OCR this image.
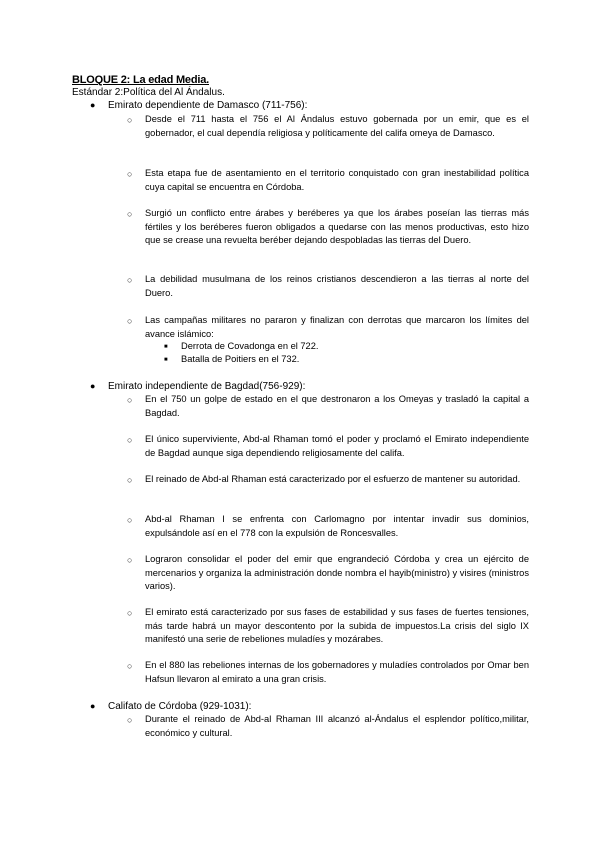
BLOQUE 2: La edad Media.
Estándar 2:Política del Al Ándalus.
● Emirato dependiente de Damasco (711-756):
○ Desde el 711 hasta el 756 el Al Ándalus estuvo gobernada por un emir, que es el gobernador, el cual dependía religiosa y políticamente del califa omeya de Damasco.
○ Esta etapa fue de asentamiento en el territorio conquistado con gran inestabilidad política cuya capital se encuentra en Córdoba.
○ Surgió un conflicto entre árabes y beréberes ya que los árabes poseían las tierras más fértiles y los beréberes fueron obligados a quedarse con las menos productivas, esto hizo que se crease una revuelta beréber dejando despobladas las tierras del Duero.
○ La debilidad musulmana de los reinos cristianos descendieron a las tierras al norte del Duero.
○ Las campañas militares no pararon y finalizan con derrotas que marcaron los límites del avance islámico:
■ Derrota de Covadonga en el 722.
■ Batalla de Poitiers en el 732.
● Emirato independiente de Bagdad(756-929):
○ En el 750 un golpe de estado en el que destronaron a los Omeyas y trasladó la capital a Bagdad.
○ El único superviviente, Abd-al Rhaman tomó el poder y proclamó el Emirato independiente de Bagdad aunque siga dependiendo religiosamente del califa.
○ El reinado de Abd-al Rhaman está caracterizado por el esfuerzo de mantener su autoridad.
○ Abd-al Rhaman I se enfrenta con Carlomagno por intentar invadir sus dominios, expulsándole así en el 778 con la expulsión de Roncesvalles.
○ Lograron consolidar el poder del emir que engrandeció Córdoba y crea un ejército de mercenarios y organiza la administración donde nombra el hayib(ministro) y visires (ministros varios).
○ El emirato está caracterizado por sus fases de estabilidad y sus fases de fuertes tensiones, más tarde habrá un mayor descontento por la subida de impuestos.La crisis del siglo IX manifestó una serie de rebeliones muladíes y mozárabes.
○ En el 880 las rebeliones internas de los gobernadores y muladíes controlados por Omar ben Hafsun llevaron al emirato a una gran crisis.
● Califato de Córdoba (929-1031):
○ Durante el reinado de Abd-al Rhaman III alcanzó al-Ándalus el esplendor político,militar, económico y cultural.
